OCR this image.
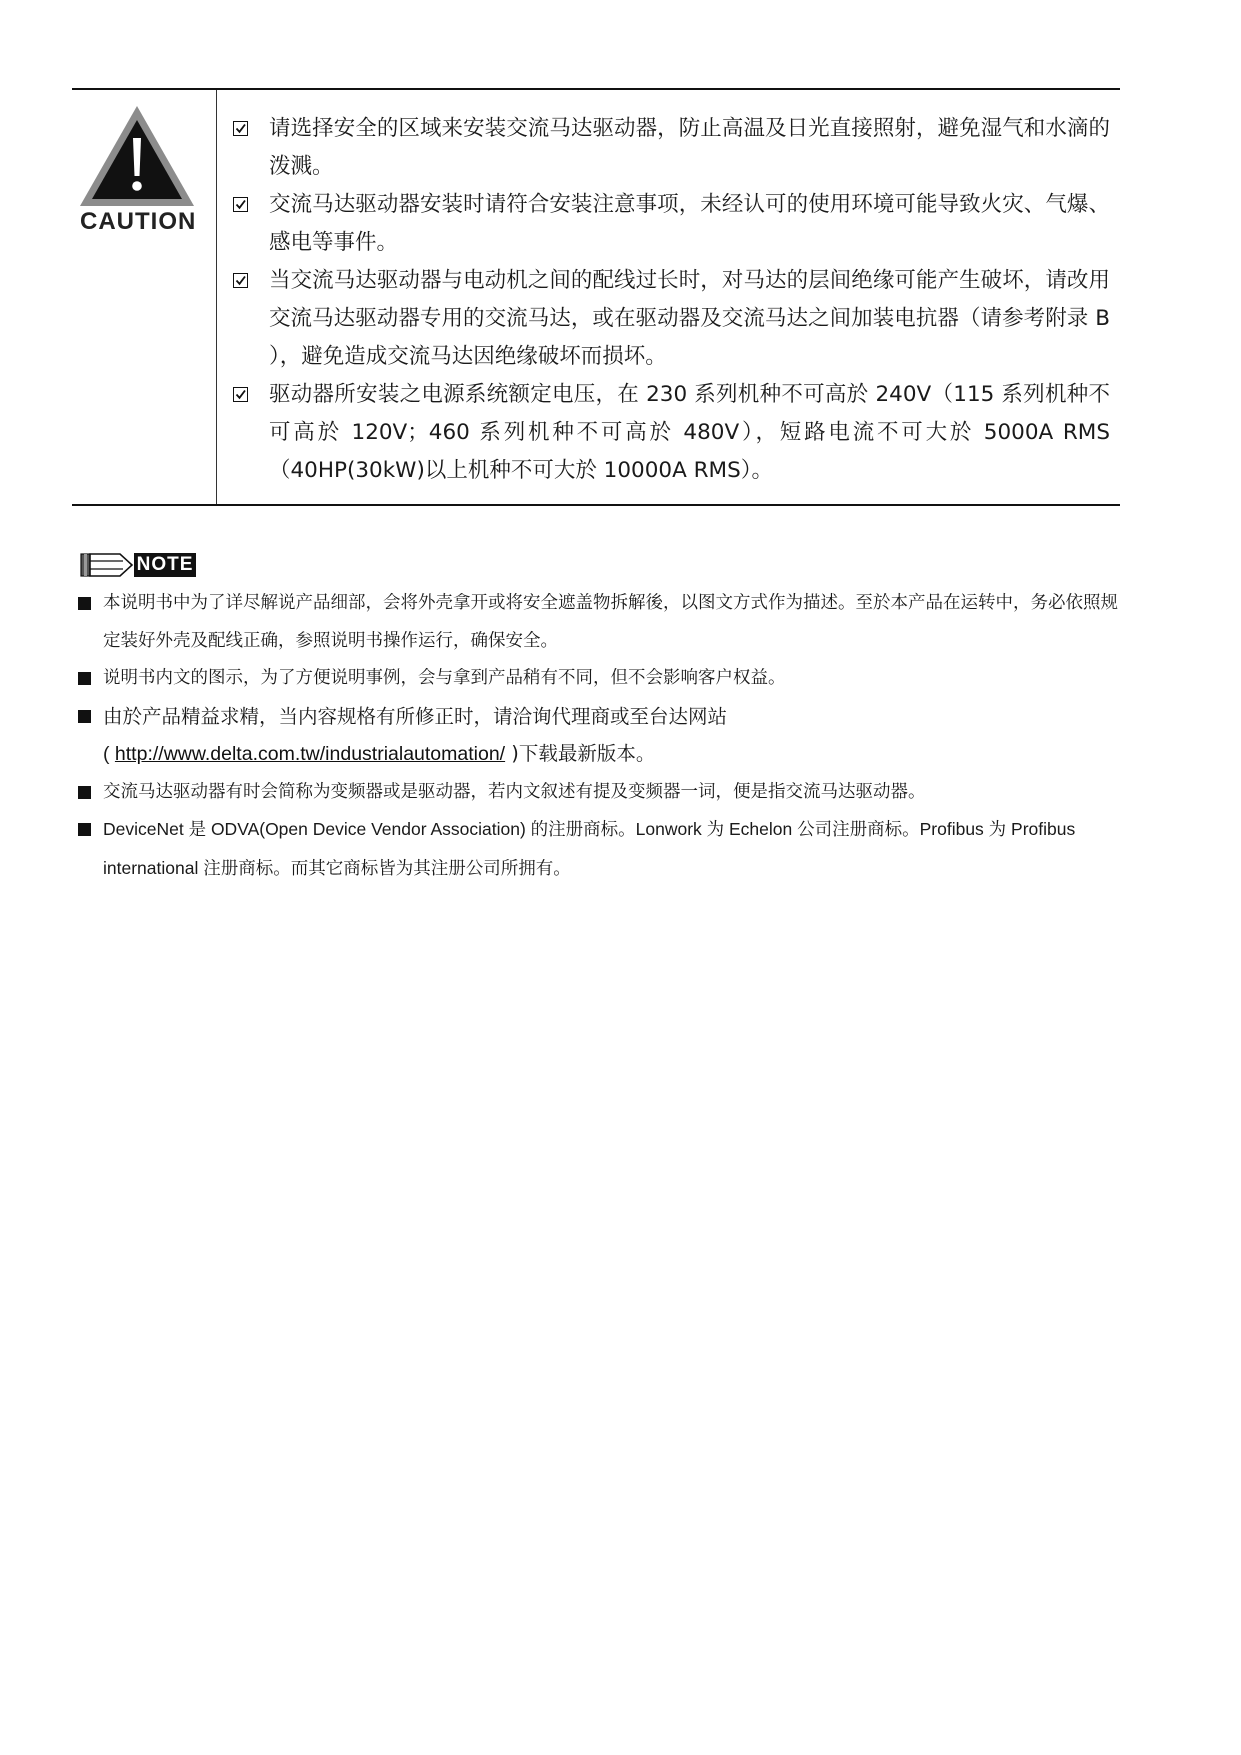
CAUTION
请选择安全的区域来安装交流马达驱动器，防止高温及日光直接照射，避免湿气和水滴的泼溅。
交流马达驱动器安装时请符合安装注意事项，未经认可的使用环境可能导致火灾、气爆、感电等事件。
当交流马达驱动器与电动机之间的配线过长时，对马达的层间绝缘可能产生破坏，请改用交流马达驱动器专用的交流马达，或在驱动器及交流马达之间加装电抗器（请参考附录 B ），避免造成交流马达因绝缘破坏而损坏。
驱动器所安装之电源系统额定电压，在 230 系列机种不可高於 240V（115 系列机种不可高於 120V；460 系列机种不可高於 480V），短路电流不可大於 5000A RMS（40HP(30kW)以上机种不可大於 10000A RMS）。
NOTE
本说明书中为了详尽解说产品细部，会将外壳拿开或将安全遮盖物拆解後，以图文方式作为描述。至於本产品在运转中，务必依照规定装好外壳及配线正确，参照说明书操作运行，确保安全。
说明书内文的图示，为了方便说明事例，会与拿到产品稍有不同，但不会影响客户权益。
由於产品精益求精，当内容规格有所修正时，请洽询代理商或至台达网站
( http://www.delta.com.tw/industrialautomation/ )下载最新版本。
交流马达驱动器有时会简称为变频器或是驱动器，若内文叙述有提及变频器一词，便是指交流马达驱动器。
DeviceNet 是 ODVA(Open Device Vendor Association) 的注册商标。Lonwork 为 Echelon 公司注册商标。Profibus 为 Profibus international 注册商标。而其它商标皆为其注册公司所拥有。
